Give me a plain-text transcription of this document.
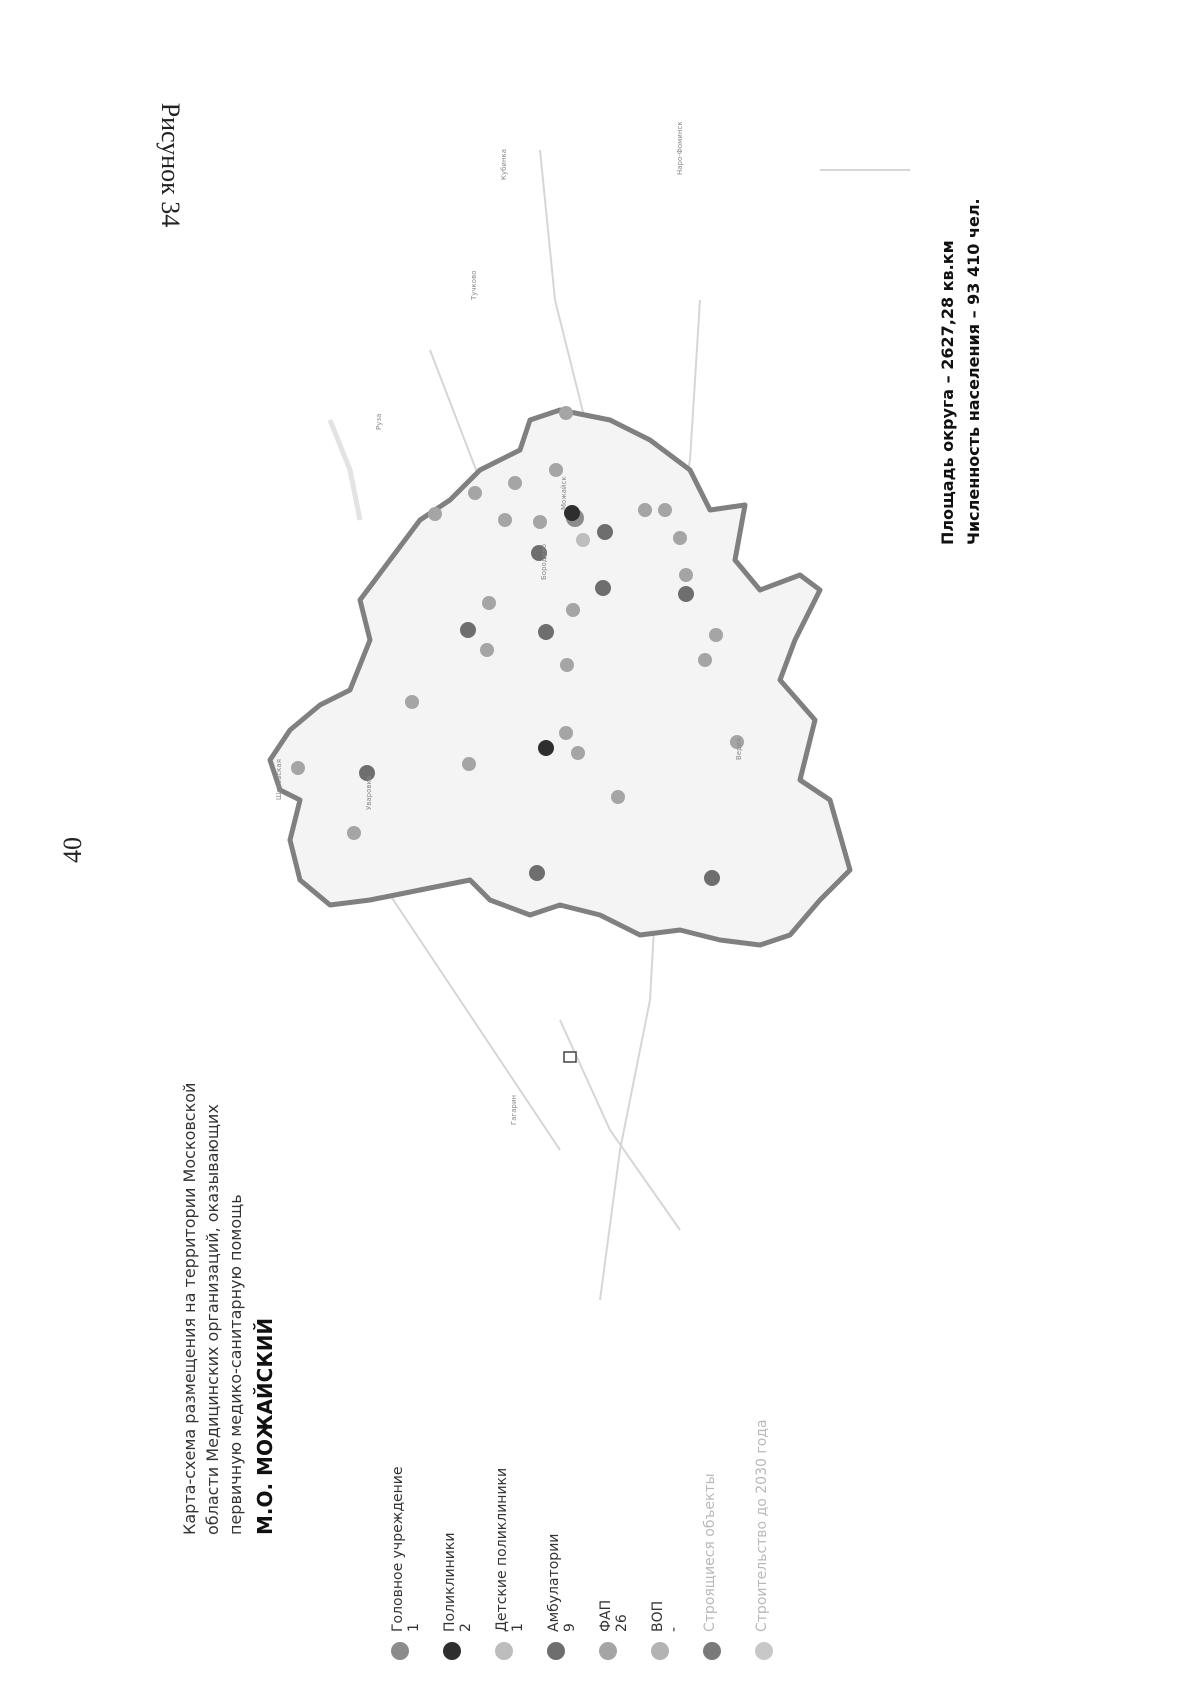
40
Рисунок 34
Карта-схема размещения на территории Московской области Медицинских организаций, оказывающих первичную медико-санитарную помощь М.О. МОЖАЙСКИЙ
Головное учреждение 1 Поликлиники 2 Детские поликлиники 1 Амбулатории 9 ФАП 26 ВОП - Строящиеся объекты	Строительство до 2030 года
Руза
Можайск
Уваровка
Гагарин
Наро-Фоминск
Верея
Шаховская
Тучково
Кубинка
Бородино
Площадь округа – 2627,28 кв.км Численность населения – 93 410 чел.
